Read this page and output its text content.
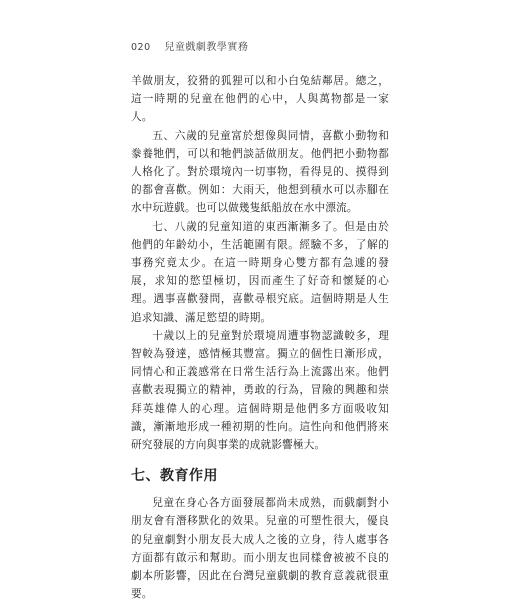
020 兒童戲劇教學實務

羊做朋友，狡猾的狐狸可以和小白兔結鄰居。總之，這一時期的兒童在他們的心中，人與萬物都是一家人。

五、六歲的兒童富於想像與同情，喜歡小動物和豢養牠們，可以和牠們談話做朋友。他們把小動物都人格化了。對於環境內一切事物，看得見的、摸得到的都會喜歡。例如：大雨天，他想到積水可以赤腳在水中玩遊戲。也可以做幾隻紙船放在水中漂流。

七、八歲的兒童知道的東西漸漸多了。但是由於他們的年齡幼小，生活範圍有限。經驗不多，了解的事務究竟太少。在這一時期身心雙方都有急遽的發展，求知的慾望極切，因而產生了好奇和懷疑的心理。遇事喜歡發問，喜歡尋根究底。這個時期是人生追求知識、滿足慾望的時期。

十歲以上的兒童對於環境周遭事物認識較多，理智較為發達，感情極其豐富。獨立的個性日漸形成，同情心和正義感常在日常生活行為上流露出來。他們喜歡表現獨立的精神，勇敢的行為，冒險的興趣和崇拜英雄偉人的心理。這個時期是他們多方面吸收知識，漸漸地形成一種初期的性向。這性向和他們將來研究發展的方向與事業的成就影響極大。

七、教育作用

兒童在身心各方面發展都尚未成熟，而戲劇對小朋友會有潛移默化的效果。兒童的可塑性很大，優良的兒童劇對小朋友長大成人之後的立身，待人處事各方面都有啟示和幫助。而小朋友也同樣會被被不良的劇本所影響，因此在台灣兒童戲劇的教育意義就很重要。
